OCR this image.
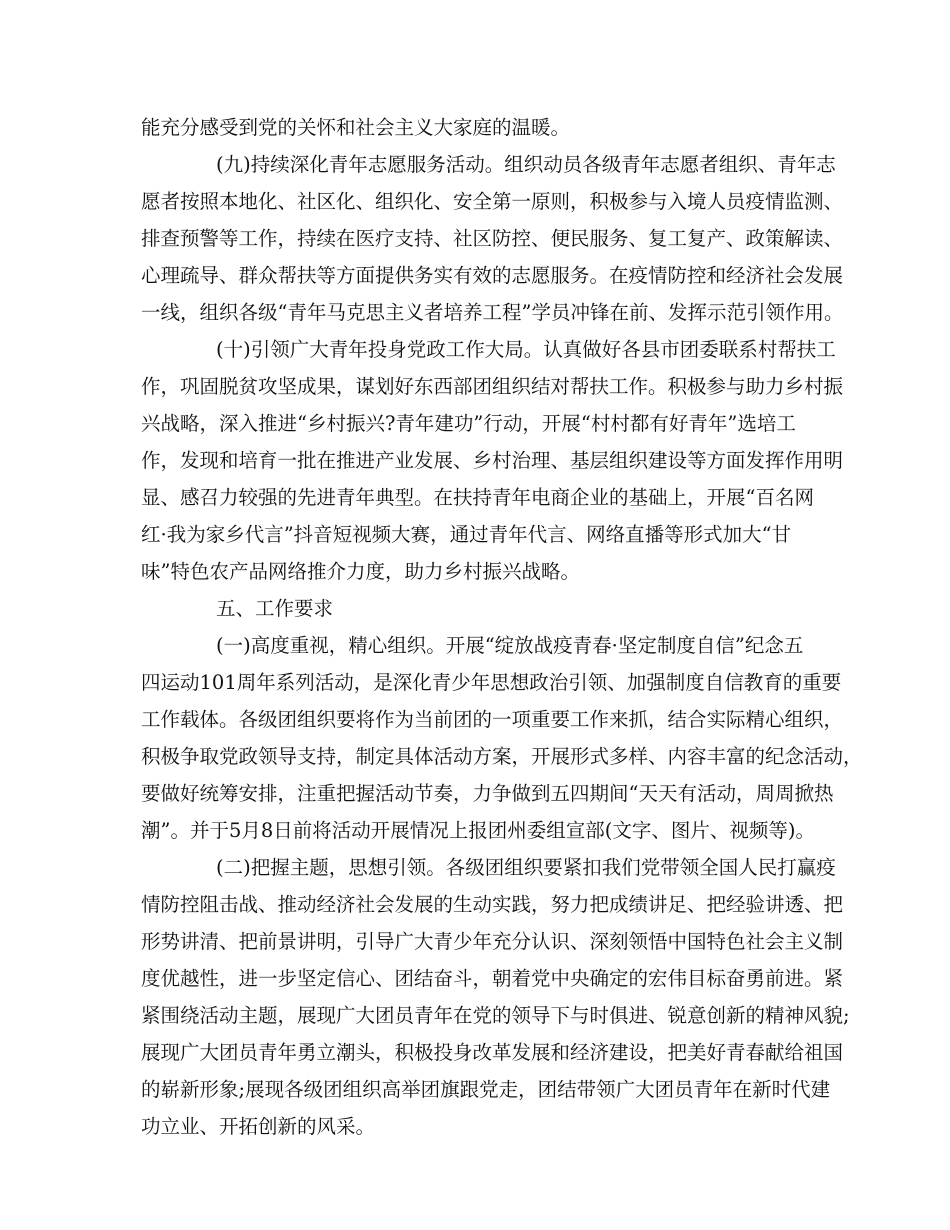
能充分感受到党的关怀和社会主义大家庭的温暖。
(九)持续深化青年志愿服务活动。组织动员各级青年志愿者组织、青年志
愿者按照本地化、社区化、组织化、安全第一原则，积极参与入境人员疫情监测、
排查预警等工作，持续在医疗支持、社区防控、便民服务、复工复产、政策解读、
心理疏导、群众帮扶等方面提供务实有效的志愿服务。在疫情防控和经济社会发展
一线，组织各级“青年马克思主义者培养工程”学员冲锋在前、发挥示范引领作用。
(十)引领广大青年投身党政工作大局。认真做好各县市团委联系村帮扶工
作，巩固脱贫攻坚成果，谋划好东西部团组织结对帮扶工作。积极参与助力乡村振
兴战略，深入推进“乡村振兴?青年建功”行动，开展“村村都有好青年”选培工
作，发现和培育一批在推进产业发展、乡村治理、基层组织建设等方面发挥作用明
显、感召力较强的先进青年典型。在扶持青年电商企业的基础上，开展“百名网
红·我为家乡代言”抖音短视频大赛，通过青年代言、网络直播等形式加大“甘
味”特色农产品网络推介力度，助力乡村振兴战略。
五、工作要求
(一)高度重视，精心组织。开展“绽放战疫青春·坚定制度自信”纪念五
四运动101周年系列活动，是深化青少年思想政治引领、加强制度自信教育的重要
工作载体。各级团组织要将作为当前团的一项重要工作来抓，结合实际精心组织，
积极争取党政领导支持，制定具体活动方案，开展形式多样、内容丰富的纪念活动，
要做好统筹安排，注重把握活动节奏，力争做到五四期间“天天有活动，周周掀热
潮”。并于5月8日前将活动开展情况上报团州委组宣部(文字、图片、视频等)。
(二)把握主题，思想引领。各级团组织要紧扣我们党带领全国人民打赢疫
情防控阻击战、推动经济社会发展的生动实践，努力把成绩讲足、把经验讲透、把
形势讲清、把前景讲明，引导广大青少年充分认识、深刻领悟中国特色社会主义制
度优越性，进一步坚定信心、团结奋斗，朝着党中央确定的宏伟目标奋勇前进。紧
紧围绕活动主题，展现广大团员青年在党的领导下与时俱进、锐意创新的精神风貌;
展现广大团员青年勇立潮头，积极投身改革发展和经济建设，把美好青春献给祖国
的崭新形象;展现各级团组织高举团旗跟党走，团结带领广大团员青年在新时代建
功立业、开拓创新的风采。
